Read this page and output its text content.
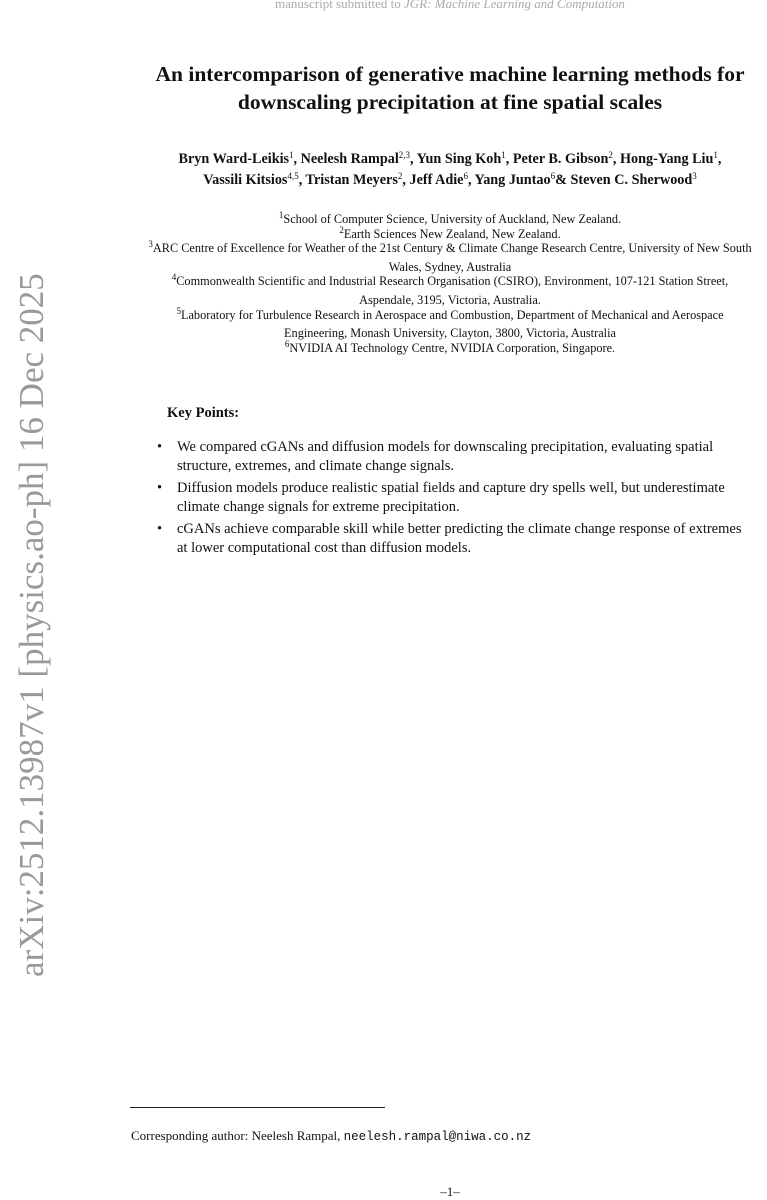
manuscript submitted to JGR: Machine Learning and Computation
An intercomparison of generative machine learning methods for
downscaling precipitation at fine spatial scales
Bryn Ward-Leikis$^1$, Neelesh Rampal$^{2,3}$, Yun Sing Koh$^1$, Peter B. Gibson$^2$, Hong-Yang Liu$^1$,
Vassili Kitsios$^{4,5}$, Tristan Meyers$^2$, Jeff Adie$^6$, Yang Juntao$^6$& Steven C. Sherwood$^3$
$^1$School of Computer Science, University of Auckland, New Zealand.
$^2$Earth Sciences New Zealand, New Zealand.
$^3$ARC Centre of Excellence for Weather of the 21st Century & Climate Change Research Centre, University of New South
Wales, Sydney, Australia
$^4$Commonwealth Scientific and Industrial Research Organisation (CSIRO), Environment, 107-121 Station Street,
Aspendale, 3195, Victoria, Australia.
$^5$Laboratory for Turbulence Research in Aerospace and Combustion, Department of Mechanical and Aerospace
Engineering, Monash University, Clayton, 3800, Victoria, Australia
$^6$NVIDIA AI Technology Centre, NVIDIA Corporation, Singapore.
Key Points:
• We compared cGANs and diffusion models for downscaling precipitation, evaluating spatial structure, extremes, and climate change signals.
• Diffusion models produce realistic spatial fields and capture dry spells well, but underestimate climate change signals for extreme precipitation.
• cGANs achieve comparable skill while better predicting the climate change response of extremes at lower computational cost than diffusion models.
arXiv:2512.13987v1 [physics.ao-ph] 16 Dec 2025
Corresponding author: Neelesh Rampal, neelesh.rampal@niwa.co.nz
–1–
